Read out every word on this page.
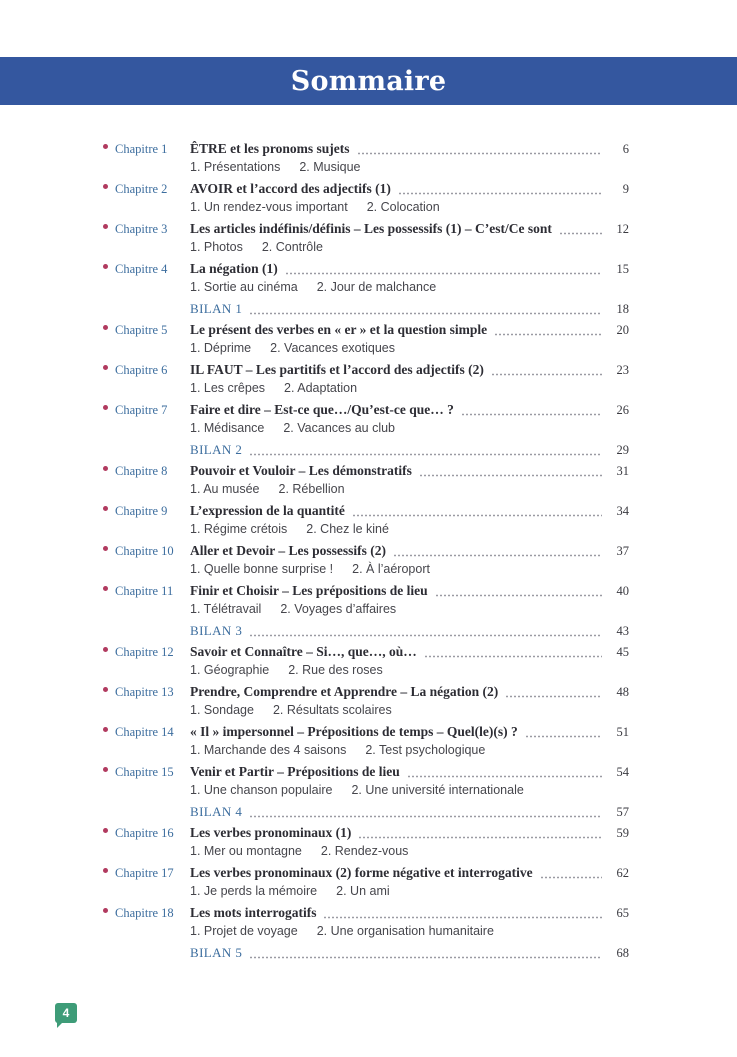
Sommaire
Chapitre 1 ÊTRE et les pronoms sujets	6
1. Présentations 2. Musique
Chapitre 2 AVOIR et l’accord des adjectifs (1)	9
1. Un rendez-vous important 2. Colocation
Chapitre 3 Les articles indéfinis/définis – Les possessifs (1) – C’est/Ce sont	12
1. Photos 2. Contrôle
Chapitre 4 La négation (1)	15
1. Sortie au cinéma 2. Jour de malchance
BILAN 1	18
Chapitre 5 Le présent des verbes en « er » et la question simple	20
1. Déprime 2. Vacances exotiques
Chapitre 6 IL FAUT – Les partitifs et l’accord des adjectifs (2)	23
1. Les crêpes 2. Adaptation
Chapitre 7 Faire et dire – Est-ce que…/Qu’est-ce que… ?	26
1. Médisance 2. Vacances au club
BILAN 2	29
Chapitre 8 Pouvoir et Vouloir – Les démonstratifs	31
1. Au musée 2. Rébellion
Chapitre 9 L’expression de la quantité	34
1. Régime crétois 2. Chez le kiné
Chapitre 10 Aller et Devoir – Les possessifs (2)	37
1. Quelle bonne surprise ! 2. À l’aéroport
Chapitre 11 Finir et Choisir – Les prépositions de lieu	40
1. Télétravail 2. Voyages d’affaires
BILAN 3	43
Chapitre 12 Savoir et Connaître – Si…, que…, où…	45
1. Géographie 2. Rue des roses
Chapitre 13 Prendre, Comprendre et Apprendre – La négation (2)	48
1. Sondage 2. Résultats scolaires
Chapitre 14 « Il » impersonnel – Prépositions de temps – Quel(le)(s) ?	51
1. Marchande des 4 saisons 2. Test psychologique
Chapitre 15 Venir et Partir – Prépositions de lieu	54
1. Une chanson populaire 2. Une université internationale
BILAN 4	57
Chapitre 16 Les verbes pronominaux (1)	59
1. Mer ou montagne 2. Rendez-vous
Chapitre 17 Les verbes pronominaux (2) forme négative et interrogative	62
1. Je perds la mémoire 2. Un ami
Chapitre 18 Les mots interrogatifs	65
1. Projet de voyage 2. Une organisation humanitaire
BILAN 5	68
4
